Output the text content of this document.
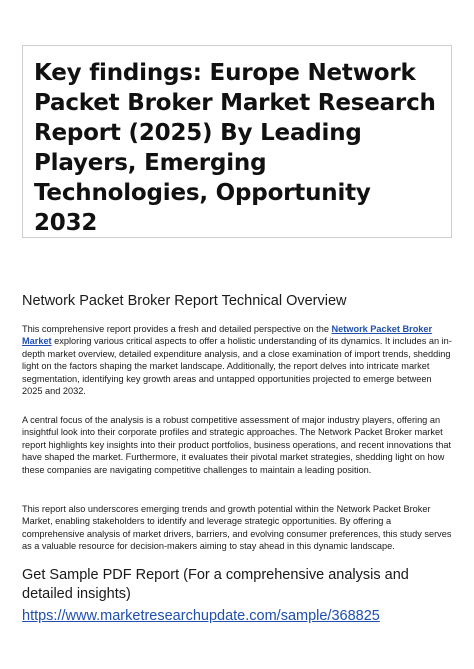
Key findings: Europe Network Packet Broker Market Research Report (2025) By Leading Players, Emerging Technologies, Opportunity 2032
Network Packet Broker Report Technical Overview

This comprehensive report provides a fresh and detailed perspective on the Network Packet Broker Market exploring various critical aspects to offer a holistic understanding of its dynamics. It includes an in-depth market overview, detailed expenditure analysis, and a close examination of import trends, shedding light on the factors shaping the market landscape. Additionally, the report delves into intricate market segmentation, identifying key growth areas and untapped opportunities projected to emerge between 2025 and 2032.

A central focus of the analysis is a robust competitive assessment of major industry players, offering an insightful look into their corporate profiles and strategic approaches. The Network Packet Broker market report highlights key insights into their product portfolios, business operations, and recent innovations that have shaped the market. Furthermore, it evaluates their pivotal market strategies, shedding light on how these companies are navigating competitive challenges to maintain a leading position.

This report also underscores emerging trends and growth potential within the Network Packet Broker Market, enabling stakeholders to identify and leverage strategic opportunities. By offering a comprehensive analysis of market drivers, barriers, and evolving consumer preferences, this study serves as a valuable resource for decision-makers aiming to stay ahead in this dynamic landscape.

Get Sample PDF Report (For a comprehensive analysis and detailed insights)
https://www.marketresearchupdate.com/sample/368825
